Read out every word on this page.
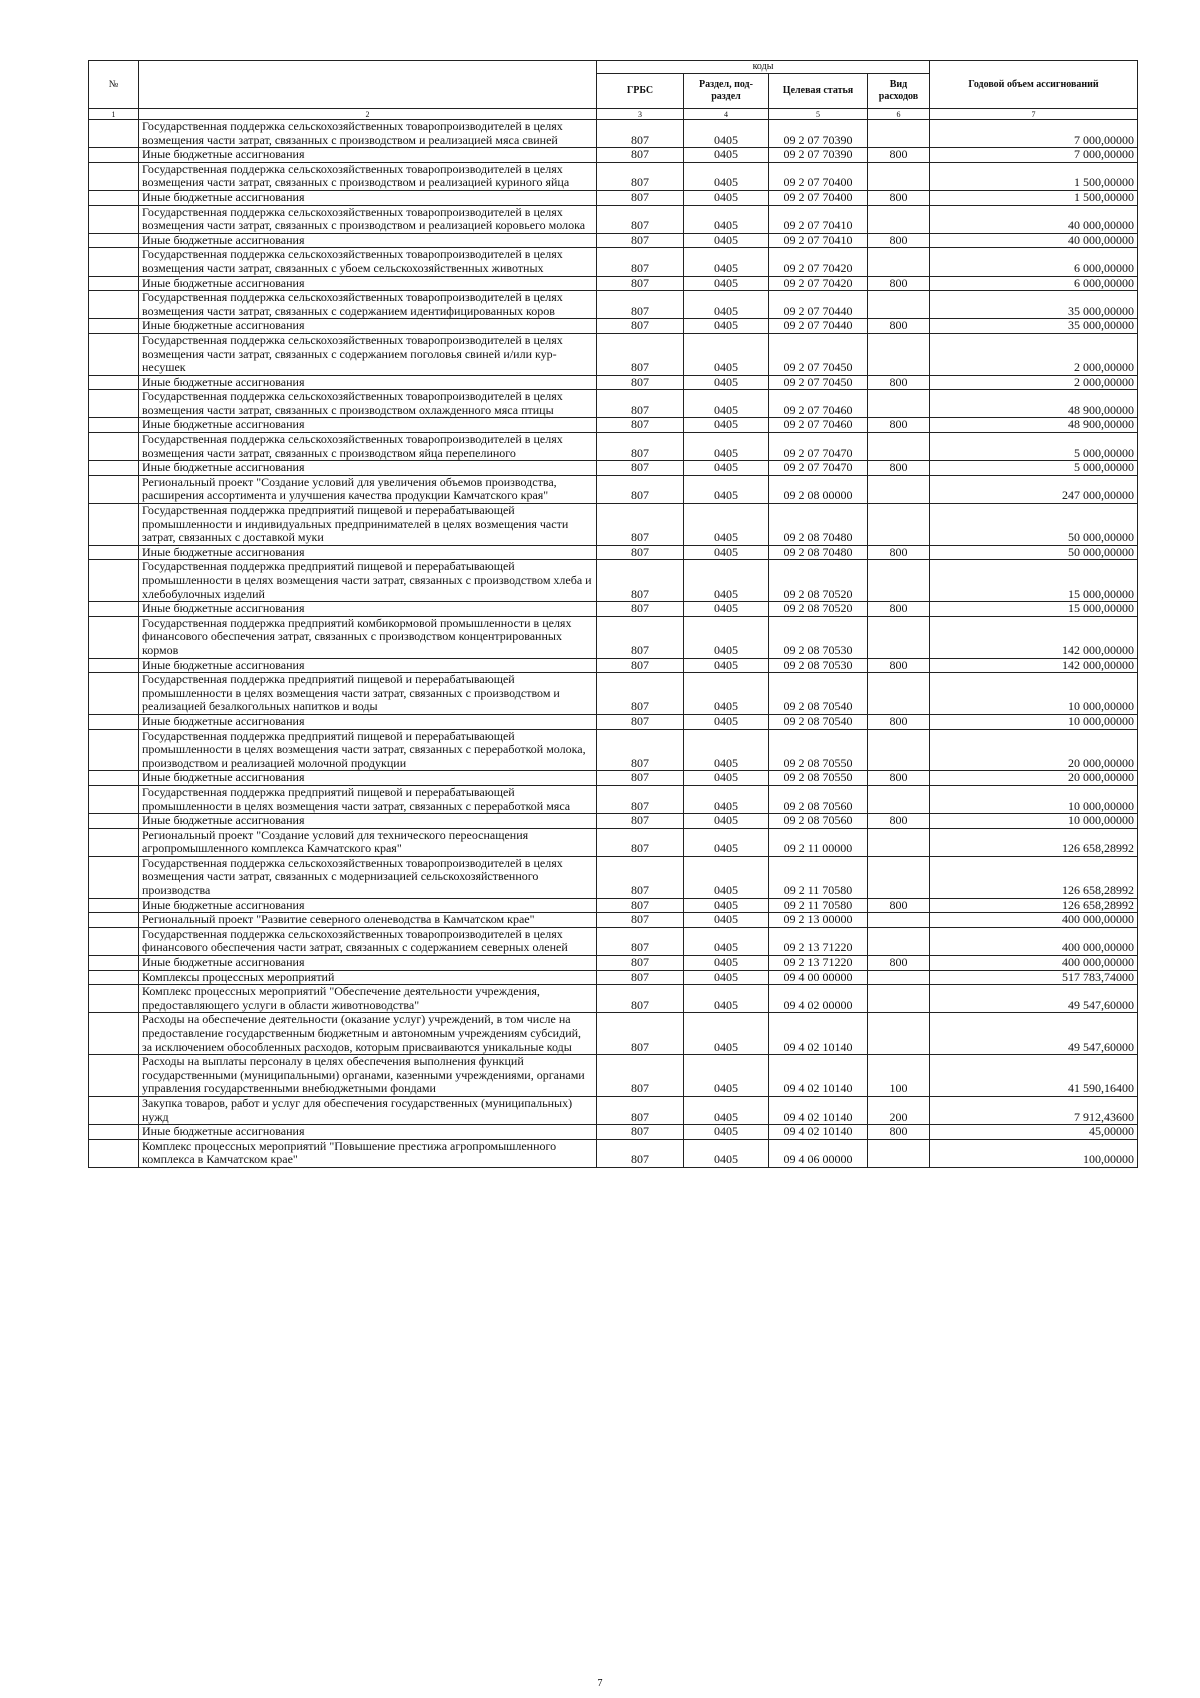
№		коды				Годовой объем ассигнований
		ГРБС	Раздел, под-раздел	Целевая статья	Вид расходов	
1	2	3	4	5	6	7
	Государственная поддержка сельскохозяйственных товаропроизводителей в целях возмещения части затрат, связанных с производством и реализацией мяса свиней	807	0405	09 2 07 70390		7 000,00000
	Иные бюджетные ассигнования	807	0405	09 2 07 70390	800	7 000,00000
	Государственная поддержка сельскохозяйственных товаропроизводителей в целях возмещения части затрат, связанных с производством и реализацией куриного яйца	807	0405	09 2 07 70400		1 500,00000
	Иные бюджетные ассигнования	807	0405	09 2 07 70400	800	1 500,00000
	Государственная поддержка сельскохозяйственных товаропроизводителей в целях возмещения части затрат, связанных с производством и реализацией коровьего молока	807	0405	09 2 07 70410		40 000,00000
	Иные бюджетные ассигнования	807	0405	09 2 07 70410	800	40 000,00000
	Государственная поддержка сельскохозяйственных товаропроизводителей в целях возмещения части затрат, связанных с убоем сельскохозяйственных животных	807	0405	09 2 07 70420		6 000,00000
	Иные бюджетные ассигнования	807	0405	09 2 07 70420	800	6 000,00000
	Государственная поддержка сельскохозяйственных товаропроизводителей в целях возмещения части затрат, связанных с содержанием идентифицированных коров	807	0405	09 2 07 70440		35 000,00000
	Иные бюджетные ассигнования	807	0405	09 2 07 70440	800	35 000,00000
	Государственная поддержка сельскохозяйственных товаропроизводителей в целях возмещения части затрат, связанных с содержанием поголовья свиней и/или кур-несушек	807	0405	09 2 07 70450		2 000,00000
	Иные бюджетные ассигнования	807	0405	09 2 07 70450	800	2 000,00000
	Государственная поддержка сельскохозяйственных товаропроизводителей в целях возмещения части затрат, связанных с производством охлажденного мяса птицы	807	0405	09 2 07 70460		48 900,00000
	Иные бюджетные ассигнования	807	0405	09 2 07 70460	800	48 900,00000
	Государственная поддержка сельскохозяйственных товаропроизводителей в целях возмещения части затрат, связанных с производством яйца перепелиного	807	0405	09 2 07 70470		5 000,00000
	Иные бюджетные ассигнования	807	0405	09 2 07 70470	800	5 000,00000
	Региональный проект "Создание условий для увеличения объемов производства, расширения ассортимента и улучшения качества продукции Камчатского края"	807	0405	09 2 08 00000		247 000,00000
	Государственная поддержка предприятий пищевой и перерабатывающей промышленности и индивидуальных предпринимателей в целях возмещения части затрат, связанных с доставкой муки	807	0405	09 2 08 70480		50 000,00000
	Иные бюджетные ассигнования	807	0405	09 2 08 70480	800	50 000,00000
	Государственная поддержка предприятий пищевой и перерабатывающей промышленности в целях возмещения части затрат, связанных с производством хлеба и хлебобулочных изделий	807	0405	09 2 08 70520		15 000,00000
	Иные бюджетные ассигнования	807	0405	09 2 08 70520	800	15 000,00000
	Государственная поддержка предприятий комбикормовой промышленности в целях финансового обеспечения затрат, связанных с производством концентрированных кормов	807	0405	09 2 08 70530		142 000,00000
	Иные бюджетные ассигнования	807	0405	09 2 08 70530	800	142 000,00000
	Государственная поддержка предприятий пищевой и перерабатывающей промышленности в целях возмещения части затрат, связанных с производством и реализацией безалкогольных напитков и воды	807	0405	09 2 08 70540		10 000,00000
	Иные бюджетные ассигнования	807	0405	09 2 08 70540	800	10 000,00000
	Государственная поддержка предприятий пищевой и перерабатывающей промышленности в целях возмещения части затрат, связанных с переработкой молока, производством и реализацией молочной продукции	807	0405	09 2 08 70550		20 000,00000
	Иные бюджетные ассигнования	807	0405	09 2 08 70550	800	20 000,00000
	Государственная поддержка предприятий пищевой и перерабатывающей промышленности в целях возмещения части затрат, связанных с переработкой мяса	807	0405	09 2 08 70560		10 000,00000
	Иные бюджетные ассигнования	807	0405	09 2 08 70560	800	10 000,00000
	Региональный проект "Создание условий для технического переоснащения агропромышленного комплекса Камчатского края"	807	0405	09 2 11 00000		126 658,28992
	Государственная поддержка сельскохозяйственных товаропроизводителей в целях возмещения части затрат, связанных с модернизацией сельскохозяйственного производства	807	0405	09 2 11 70580		126 658,28992
	Иные бюджетные ассигнования	807	0405	09 2 11 70580	800	126 658,28992
	Региональный проект "Развитие северного оленеводства в Камчатском крае"	807	0405	09 2 13 00000		400 000,00000
	Государственная поддержка сельскохозяйственных товаропроизводителей в целях финансового обеспечения части затрат, связанных с содержанием северных оленей	807	0405	09 2 13 71220		400 000,00000
	Иные бюджетные ассигнования	807	0405	09 2 13 71220	800	400 000,00000
	Комплексы процессных мероприятий	807	0405	09 4 00 00000		517 783,74000
	Комплекс процессных мероприятий "Обеспечение деятельности учреждения, предоставляющего услуги в области животноводства"	807	0405	09 4 02 00000		49 547,60000
	Расходы на обеспечение деятельности (оказание услуг) учреждений, в том числе на предоставление государственным бюджетным и автономным учреждениям субсидий, за исключением обособленных расходов, которым присваиваются уникальные коды	807	0405	09 4 02 10140		49 547,60000
	Расходы на выплаты персоналу в целях обеспечения выполнения функций государственными (муниципальными) органами, казенными учреждениями, органами управления государственными внебюджетными фондами	807	0405	09 4 02 10140	100	41 590,16400
	Закупка товаров, работ и услуг для обеспечения государственных (муниципальных) нужд	807	0405	09 4 02 10140	200	7 912,43600
	Иные бюджетные ассигнования	807	0405	09 4 02 10140	800	45,00000
	Комплекс процессных мероприятий "Повышение престижа агропромышленного комплекса в Камчатском крае"	807	0405	09 4 06 00000		100,00000
7
